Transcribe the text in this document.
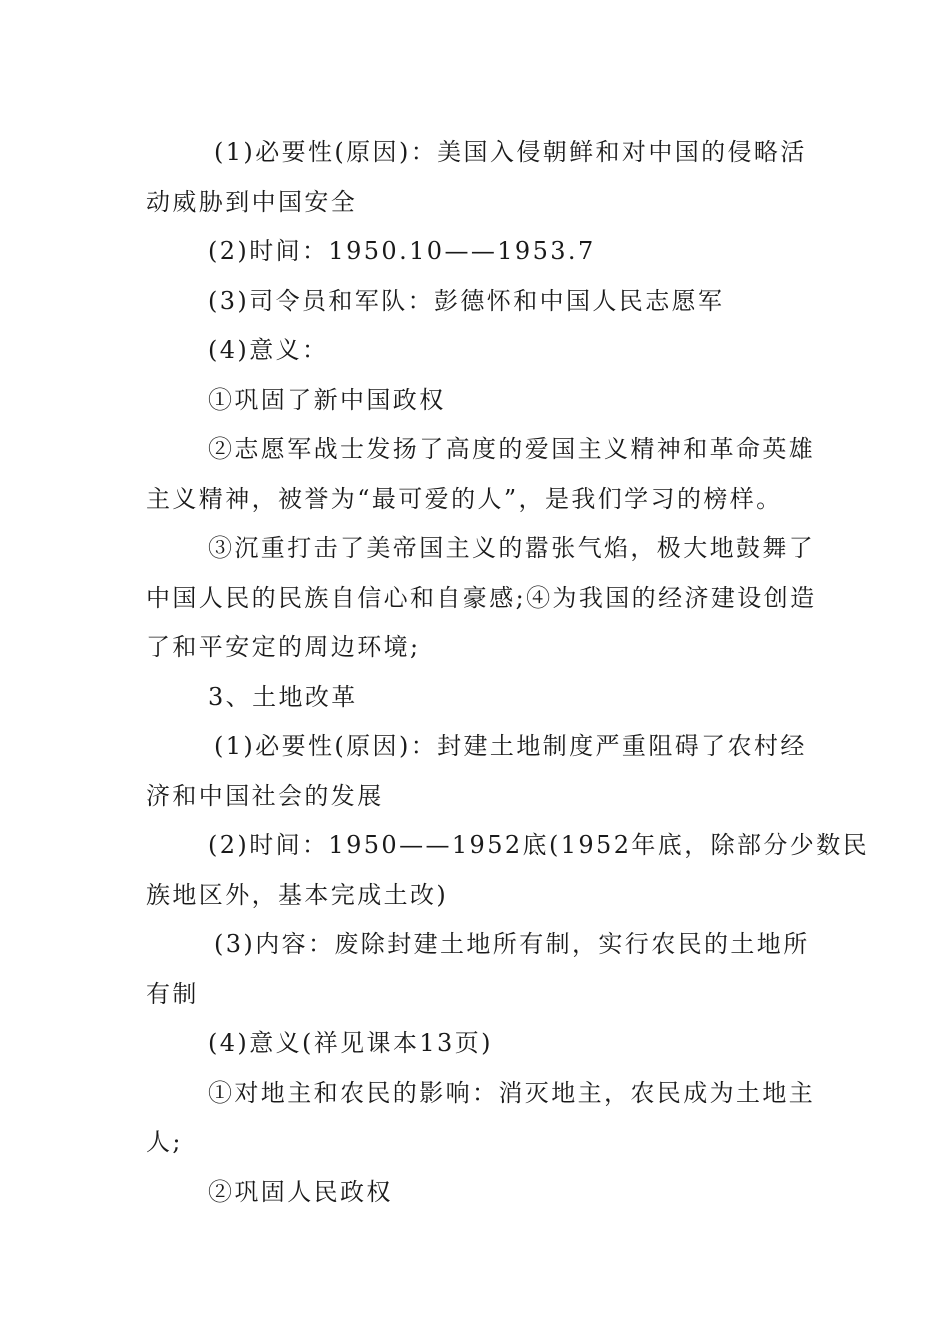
(1)必要性(原因)：美国入侵朝鲜和对中国的侵略活
动威胁到中国安全
(2)时间：1950.10——1953.7
(3)司令员和军队：彭德怀和中国人民志愿军
(4)意义：
①巩固了新中国政权
②志愿军战士发扬了高度的爱国主义精神和革命英雄
主义精神，被誉为“最可爱的人”，是我们学习的榜样。
③沉重打击了美帝国主义的嚣张气焰，极大地鼓舞了
中国人民的民族自信心和自豪感;④为我国的经济建设创造
了和平安定的周边环境;
3、土地改革
(1)必要性(原因)：封建土地制度严重阻碍了农村经
济和中国社会的发展
(2)时间：1950——1952底(1952年底，除部分少数民
族地区外，基本完成土改)
(3)内容：废除封建土地所有制，实行农民的土地所
有制
(4)意义(祥见课本13页)
①对地主和农民的影响：消灭地主，农民成为土地主
人;
②巩固人民政权
